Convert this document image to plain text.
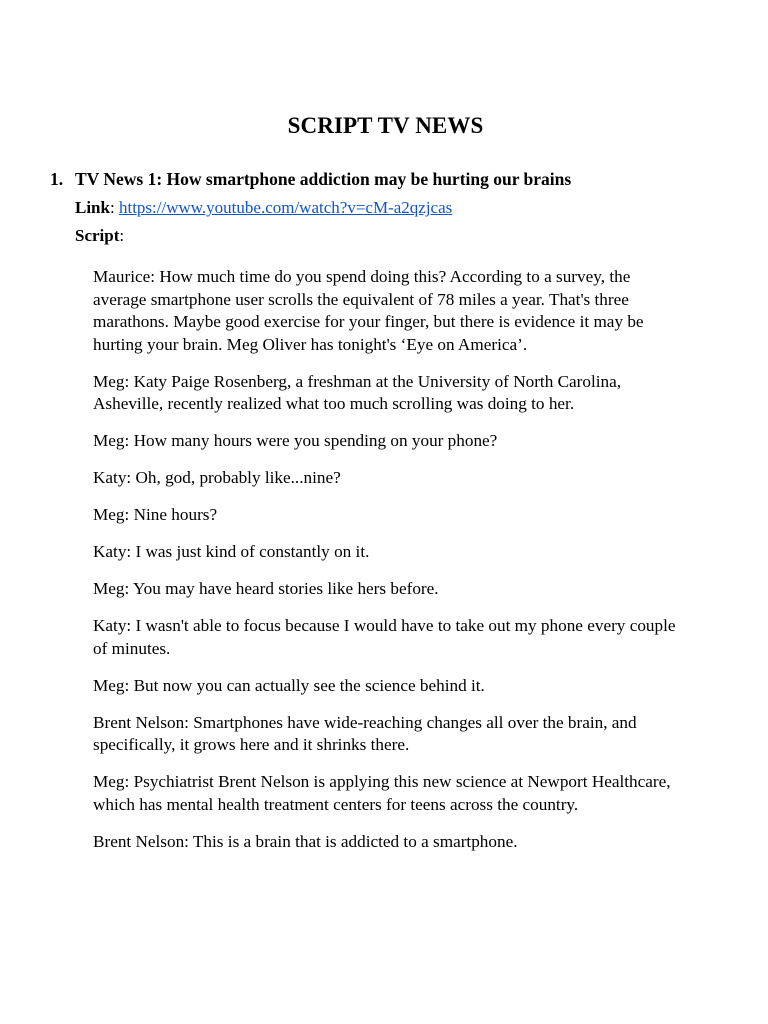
SCRIPT TV NEWS
1. TV News 1: How smartphone addiction may be hurting our brains
Link: https://www.youtube.com/watch?v=cM-a2qzjcas
Script:

Maurice: How much time do you spend doing this? According to a survey, the average smartphone user scrolls the equivalent of 78 miles a year. That's three marathons. Maybe good exercise for your finger, but there is evidence it may be hurting your brain. Meg Oliver has tonight's ‘Eye on America’.

Meg: Katy Paige Rosenberg, a freshman at the University of North Carolina, Asheville, recently realized what too much scrolling was doing to her.

Meg: How many hours were you spending on your phone?

Katy: Oh, god, probably like...nine?

Meg: Nine hours?

Katy: I was just kind of constantly on it.

Meg: You may have heard stories like hers before.

Katy: I wasn't able to focus because I would have to take out my phone every couple of minutes.

Meg: But now you can actually see the science behind it.

Brent Nelson: Smartphones have wide-reaching changes all over the brain, and specifically, it grows here and it shrinks there.

Meg: Psychiatrist Brent Nelson is applying this new science at Newport Healthcare, which has mental health treatment centers for teens across the country.

Brent Nelson: This is a brain that is addicted to a smartphone.
